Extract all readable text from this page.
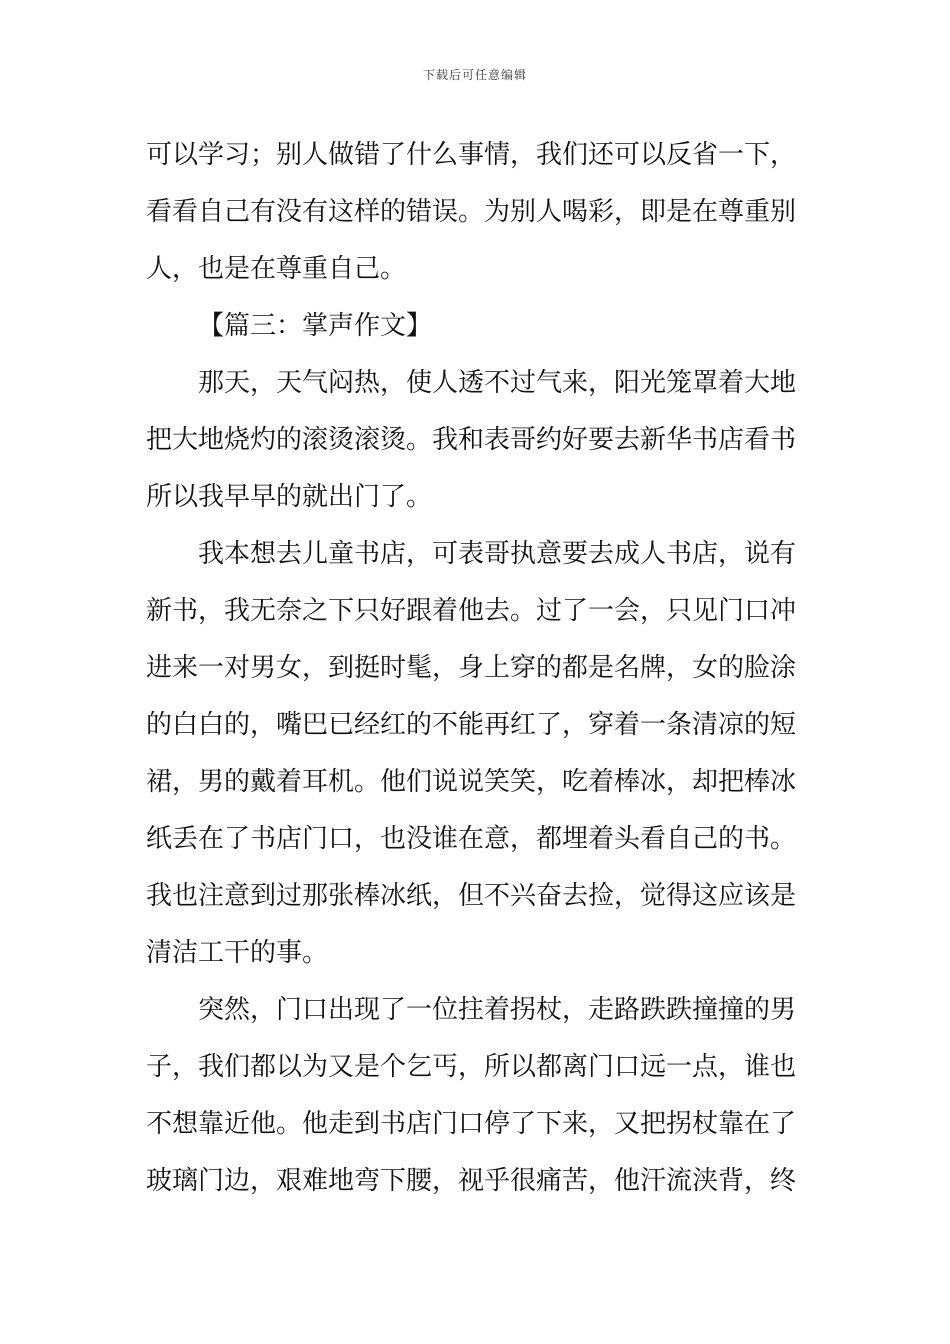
下载后可任意编辑
可以学习；别人做错了什么事情，我们还可以反省一下，
看看自己有没有这样的错误。为别人喝彩，即是在尊重别
人，也是在尊重自己。
【篇三：掌声作文】
那天，天气闷热，使人透不过气来，阳光笼罩着大地
把大地烧灼的滚烫滚烫。我和表哥约好要去新华书店看书
所以我早早的就出门了。
我本想去儿童书店，可表哥执意要去成人书店，说有
新书，我无奈之下只好跟着他去。过了一会，只见门口冲
进来一对男女，到挺时髦，身上穿的都是名牌，女的脸涂
的白白的，嘴巴已经红的不能再红了，穿着一条清凉的短
裙，男的戴着耳机。他们说说笑笑，吃着棒冰，却把棒冰
纸丢在了书店门口，也没谁在意，都埋着头看自己的书。
我也注意到过那张棒冰纸，但不兴奋去捡，觉得这应该是
清洁工干的事。
突然，门口出现了一位拄着拐杖，走路跌跌撞撞的男
子，我们都以为又是个乞丐，所以都离门口远一点，谁也
不想靠近他。他走到书店门口停了下来，又把拐杖靠在了
玻璃门边，艰难地弯下腰，视乎很痛苦，他汗流浃背，终
